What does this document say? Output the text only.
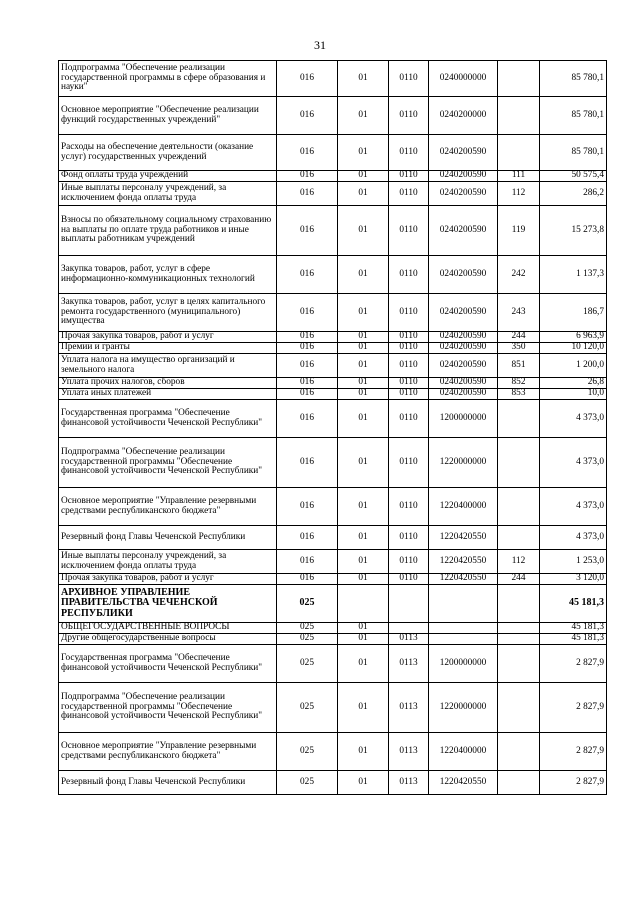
31
Подпрограмма "Обеспечение реализации государственной программы в сфере образования и науки"	016	01	0110	0240000000		85 780,1
Основное мероприятие "Обеспечение реализации функций государственных учреждений"	016	01	0110	0240200000		85 780,1
Расходы на обеспечение деятельности (оказание услуг) государственных учреждений	016	01	0110	0240200590		85 780,1
Фонд оплаты труда учреждений	016	01	0110	0240200590	111	50 575,4
Иные выплаты персоналу учреждений, за исключением фонда оплаты труда	016	01	0110	0240200590	112	286,2
Взносы по обязательному социальному страхованию на выплаты по оплате труда работников и иные выплаты работникам учреждений	016	01	0110	0240200590	119	15 273,8
Закупка товаров, работ, услуг в сфере информационно-коммуникационных технологий	016	01	0110	0240200590	242	1 137,3
Закупка товаров, работ, услуг в целях капитального ремонта государственного (муниципального) имущества	016	01	0110	0240200590	243	186,7
Прочая закупка товаров, работ и услуг	016	01	0110	0240200590	244	6 963,9
Премии и гранты	016	01	0110	0240200590	350	10 120,0
Уплата налога на имущество организаций и земельного налога	016	01	0110	0240200590	851	1 200,0
Уплата прочих налогов, сборов	016	01	0110	0240200590	852	26,8
Уплата иных платежей	016	01	0110	0240200590	853	10,0
Государственная программа "Обеспечение финансовой устойчивости Чеченской Республики"	016	01	0110	1200000000		4 373,0
Подпрограмма "Обеспечение реализации государственной программы "Обеспечение финансовой устойчивости Чеченской Республики"	016	01	0110	1220000000		4 373,0
Основное мероприятие "Управление резервными средствами республиканского бюджета"	016	01	0110	1220400000		4 373,0
Резервный фонд Главы Чеченской Республики	016	01	0110	1220420550		4 373,0
Иные выплаты персоналу учреждений, за исключением фонда оплаты труда	016	01	0110	1220420550	112	1 253,0
Прочая закупка товаров, работ и услуг	016	01	0110	1220420550	244	3 120,0
АРХИВНОЕ УПРАВЛЕНИЕ ПРАВИТЕЛЬСТВА ЧЕЧЕНСКОЙ РЕСПУБЛИКИ	025					45 181,3
ОБЩЕГОСУДАРСТВЕННЫЕ ВОПРОСЫ	025	01				45 181,3
Другие общегосударственные вопросы	025	01	0113			45 181,3
Государственная программа "Обеспечение финансовой устойчивости Чеченской Республики"	025	01	0113	1200000000		2 827,9
Подпрограмма "Обеспечение реализации государственной программы "Обеспечение финансовой устойчивости Чеченской Республики"	025	01	0113	1220000000		2 827,9
Основное мероприятие "Управление резервными средствами республиканского бюджета"	025	01	0113	1220400000		2 827,9
Резервный фонд Главы Чеченской Республики	025	01	0113	1220420550		2 827,9
